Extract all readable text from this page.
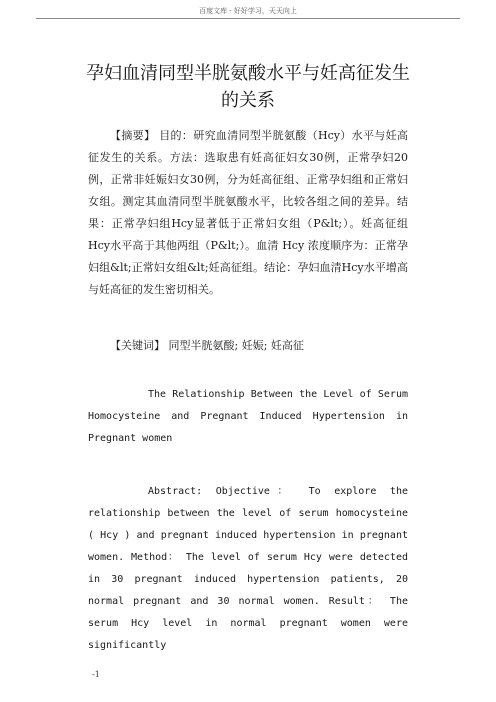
百度文库 - 好好学习，天天向上
孕妇血清同型半胱氨酸水平与妊高征发生
的关系

【摘要】 目的：研究血清同型半胱氨酸（Hcy）水平与妊高征发生的关系。方法：选取患有妊高征妇女30例，正常孕妇20例，正常非妊娠妇女30例，分为妊高征组、正常孕妇组和正常妇女组。测定其血清同型半胱氨酸水平，比较各组之间的差异。结果：正常孕妇组Hcy显著低于正常妇女组（P&lt;）。妊高征组Hcy水平高于其他两组（P&lt;）。血清 Hcy 浓度顺序为：正常孕妇组&lt;正常妇女组&lt;妊高征组。结论：孕妇血清Hcy水平增高与妊高征的发生密切相关。

【关键词】 同型半胱氨酸; 妊娠; 妊高征

The Relationship Between the Level of Serum Homocysteine and Pregnant Induced Hypertension in Pregnant women

Abstract: Objective： To explore the relationship between the level of serum homocysteine ( Hcy ) and pregnant induced hypertension in pregnant women. Method： The level of serum Hcy were detected in 30 pregnant induced hypertension patients, 20 normal pregnant and 30 normal women. Result： The serum Hcy level in normal pregnant women were significantly

-1
